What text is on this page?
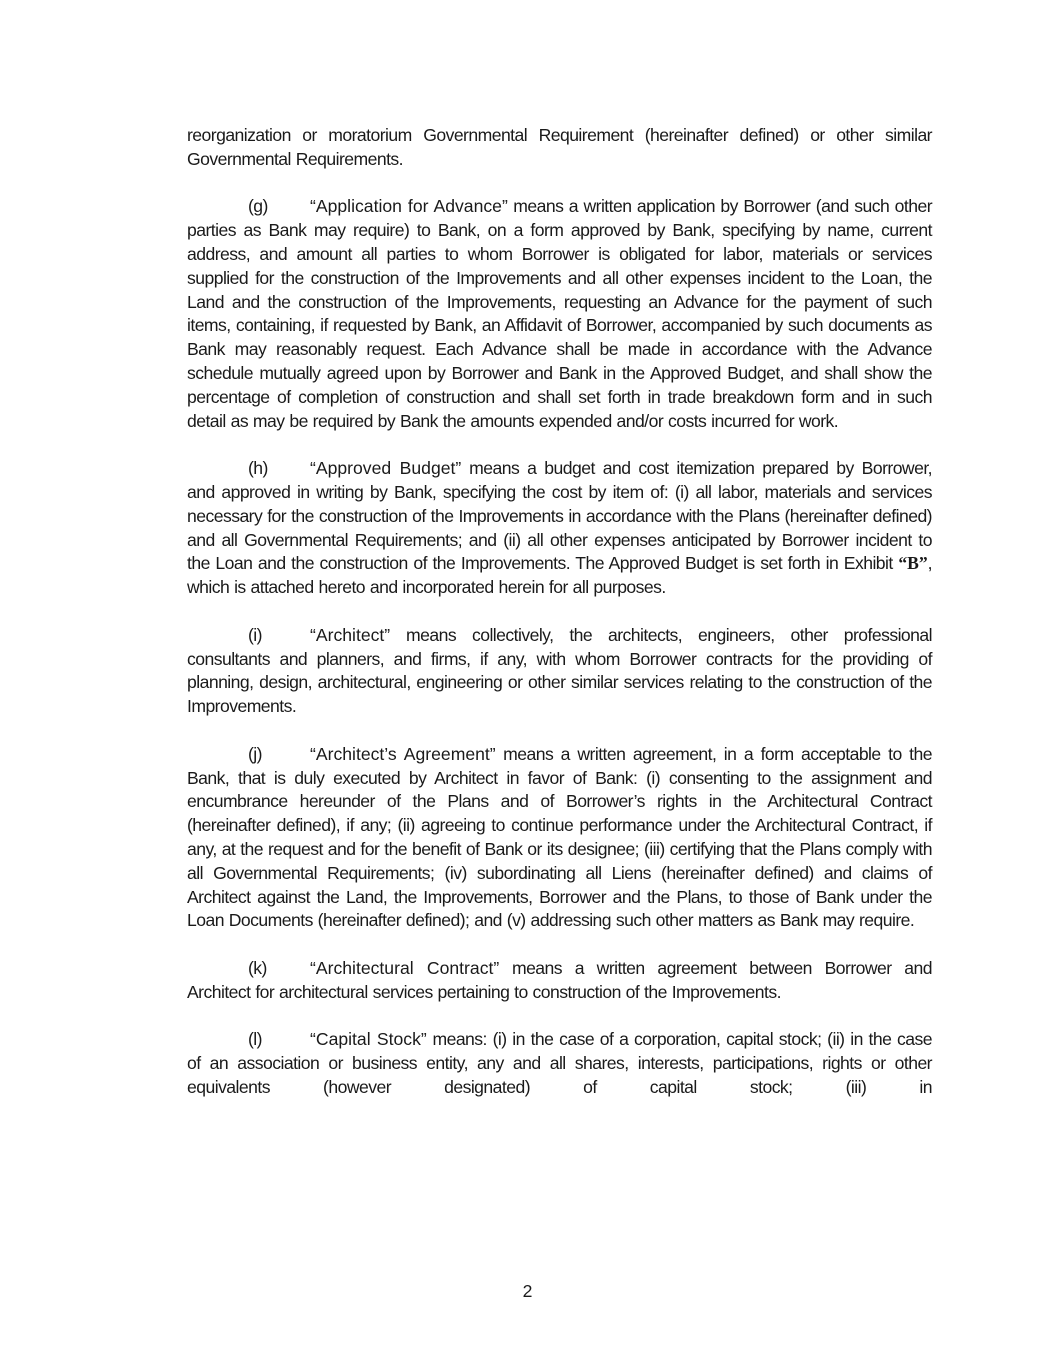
reorganization or moratorium Governmental Requirement (hereinafter defined) or other similar Governmental Requirements.

(g) “Application for Advance” means a written application by Borrower (and such other parties as Bank may require) to Bank, on a form approved by Bank, specifying by name, current address, and amount all parties to whom Borrower is obligated for labor, materials or services supplied for the construction of the Improvements and all other expenses incident to the Loan, the Land and the construction of the Improvements, requesting an Advance for the payment of such items, containing, if requested by Bank, an Affidavit of Borrower, accompanied by such documents as Bank may reasonably request. Each Advance shall be made in accordance with the Advance schedule mutually agreed upon by Borrower and Bank in the Approved Budget, and shall show the percentage of completion of construction and shall set forth in trade breakdown form and in such detail as may be required by Bank the amounts expended and/or costs incurred for work.

(h) “Approved Budget” means a budget and cost itemization prepared by Borrower, and approved in writing by Bank, specifying the cost by item of: (i) all labor, materials and services necessary for the construction of the Improvements in accordance with the Plans (hereinafter defined) and all Governmental Requirements; and (ii) all other expenses anticipated by Borrower incident to the Loan and the construction of the Improvements. The Approved Budget is set forth in Exhibit “B”, which is attached hereto and incorporated herein for all purposes.

(i)	“Architect” means collectively, the architects, engineers, other professional consultants and planners, and firms, if any, with whom Borrower contracts for the providing of planning, design, architectural, engineering or other similar services relating to the construction of the Improvements.

(j)	“Architect’s Agreement” means a written agreement, in a form acceptable to the Bank, that is duly executed by Architect in favor of Bank: (i) consenting to the assignment and encumbrance hereunder of the Plans and of Borrower’s rights in the Architectural Contract (hereinafter defined), if any; (ii) agreeing to continue performance under the Architectural Contract, if any, at the request and for the benefit of Bank or its designee; (iii) certifying that the Plans comply with all Governmental Requirements; (iv) subordinating all Liens (hereinafter defined) and claims of Architect against the Land, the Improvements, Borrower and the Plans, to those of Bank under the Loan Documents (hereinafter defined); and (v) addressing such other matters as Bank may require.

(k) “Architectural Contract” means a written agreement between Borrower and Architect for architectural services pertaining to construction of the Improvements.

(l)	“Capital Stock” means: (i) in the case of a corporation, capital stock; (ii) in the case of an association or business entity, any and all shares, interests, participations, rights or other equivalents (however designated) of capital stock; (iii) in

2
